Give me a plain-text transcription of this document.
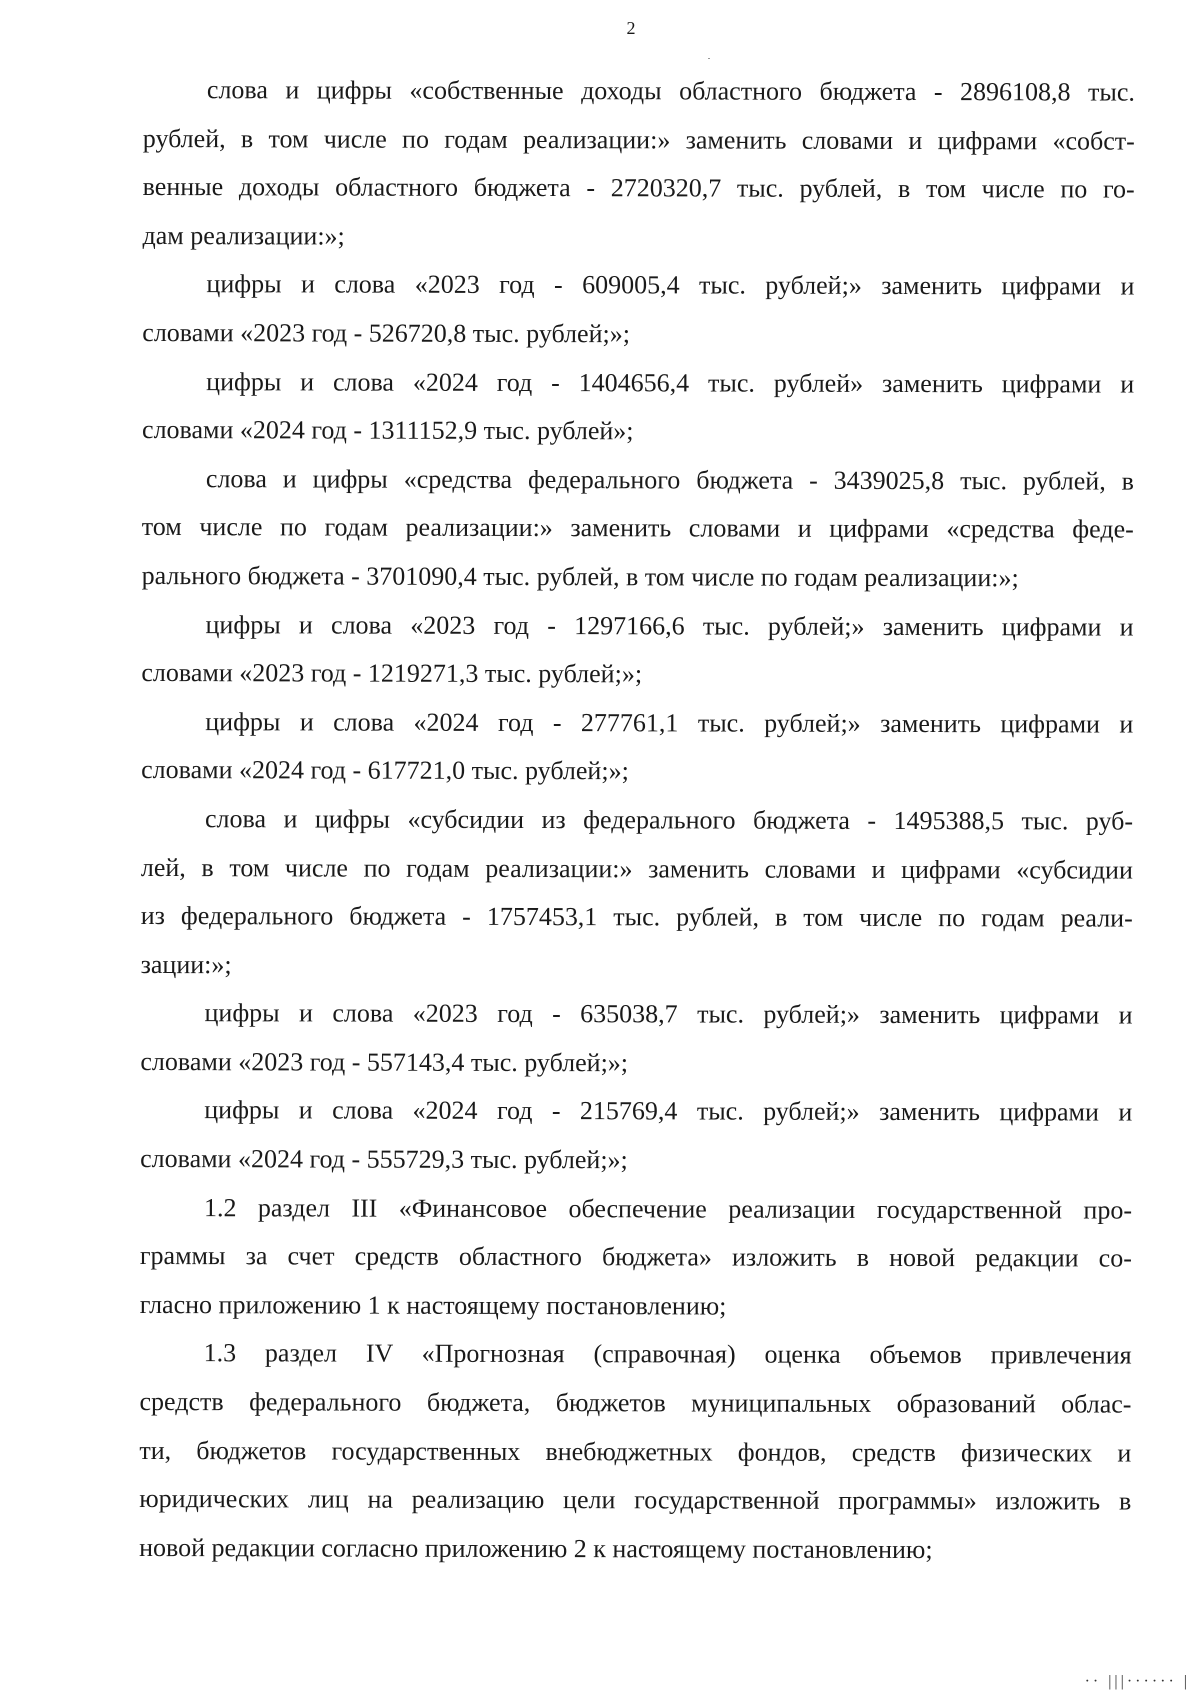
2
слова и цифры «собственные доходы областного бюджета - 2896108,8 тыс.
рублей, в том числе по годам реализации:» заменить словами и цифрами «собст-
венные доходы областного бюджета - 2720320,7 тыс. рублей, в том числе по го-
дам реализации:»;
цифры и слова «2023 год - 609005,4 тыс. рублей;» заменить цифрами и
словами «2023 год - 526720,8 тыс. рублей;»;
цифры и слова «2024 год - 1404656,4 тыс. рублей» заменить цифрами и
словами «2024 год - 1311152,9 тыс. рублей»;
слова и цифры «средства федерального бюджета - 3439025,8 тыс. рублей, в
том числе по годам реализации:» заменить словами и цифрами «средства феде-
рального бюджета - 3701090,4 тыс. рублей, в том числе по годам реализации:»;
цифры и слова «2023 год - 1297166,6 тыс. рублей;» заменить цифрами и
словами «2023 год - 1219271,3 тыс. рублей;»;
цифры и слова «2024 год - 277761,1 тыс. рублей;» заменить цифрами и
словами «2024 год - 617721,0 тыс. рублей;»;
слова и цифры «субсидии из федерального бюджета - 1495388,5 тыс. руб-
лей, в том числе по годам реализации:» заменить словами и цифрами «субсидии
из федерального бюджета - 1757453,1 тыс. рублей, в том числе по годам реали-
зации:»;
цифры и слова «2023 год - 635038,7 тыс. рублей;» заменить цифрами и
словами «2023 год - 557143,4 тыс. рублей;»;
цифры и слова «2024 год - 215769,4 тыс. рублей;» заменить цифрами и
словами «2024 год - 555729,3 тыс. рублей;»;
1.2 раздел III «Финансовое обеспечение реализации государственной про-
граммы за счет средств областного бюджета» изложить в новой редакции со-
гласно приложению 1 к настоящему постановлению;
1.3 раздел IV «Прогнозная (справочная) оценка объемов привлечения
средств федерального бюджета, бюджетов муниципальных образований облас-
ти, бюджетов государственных внебюджетных фондов, средств физических и
юридических лиц на реализацию цели государственной программы» изложить в
новой редакции согласно приложению 2 к настоящему постановлению;
·· |||······ |
